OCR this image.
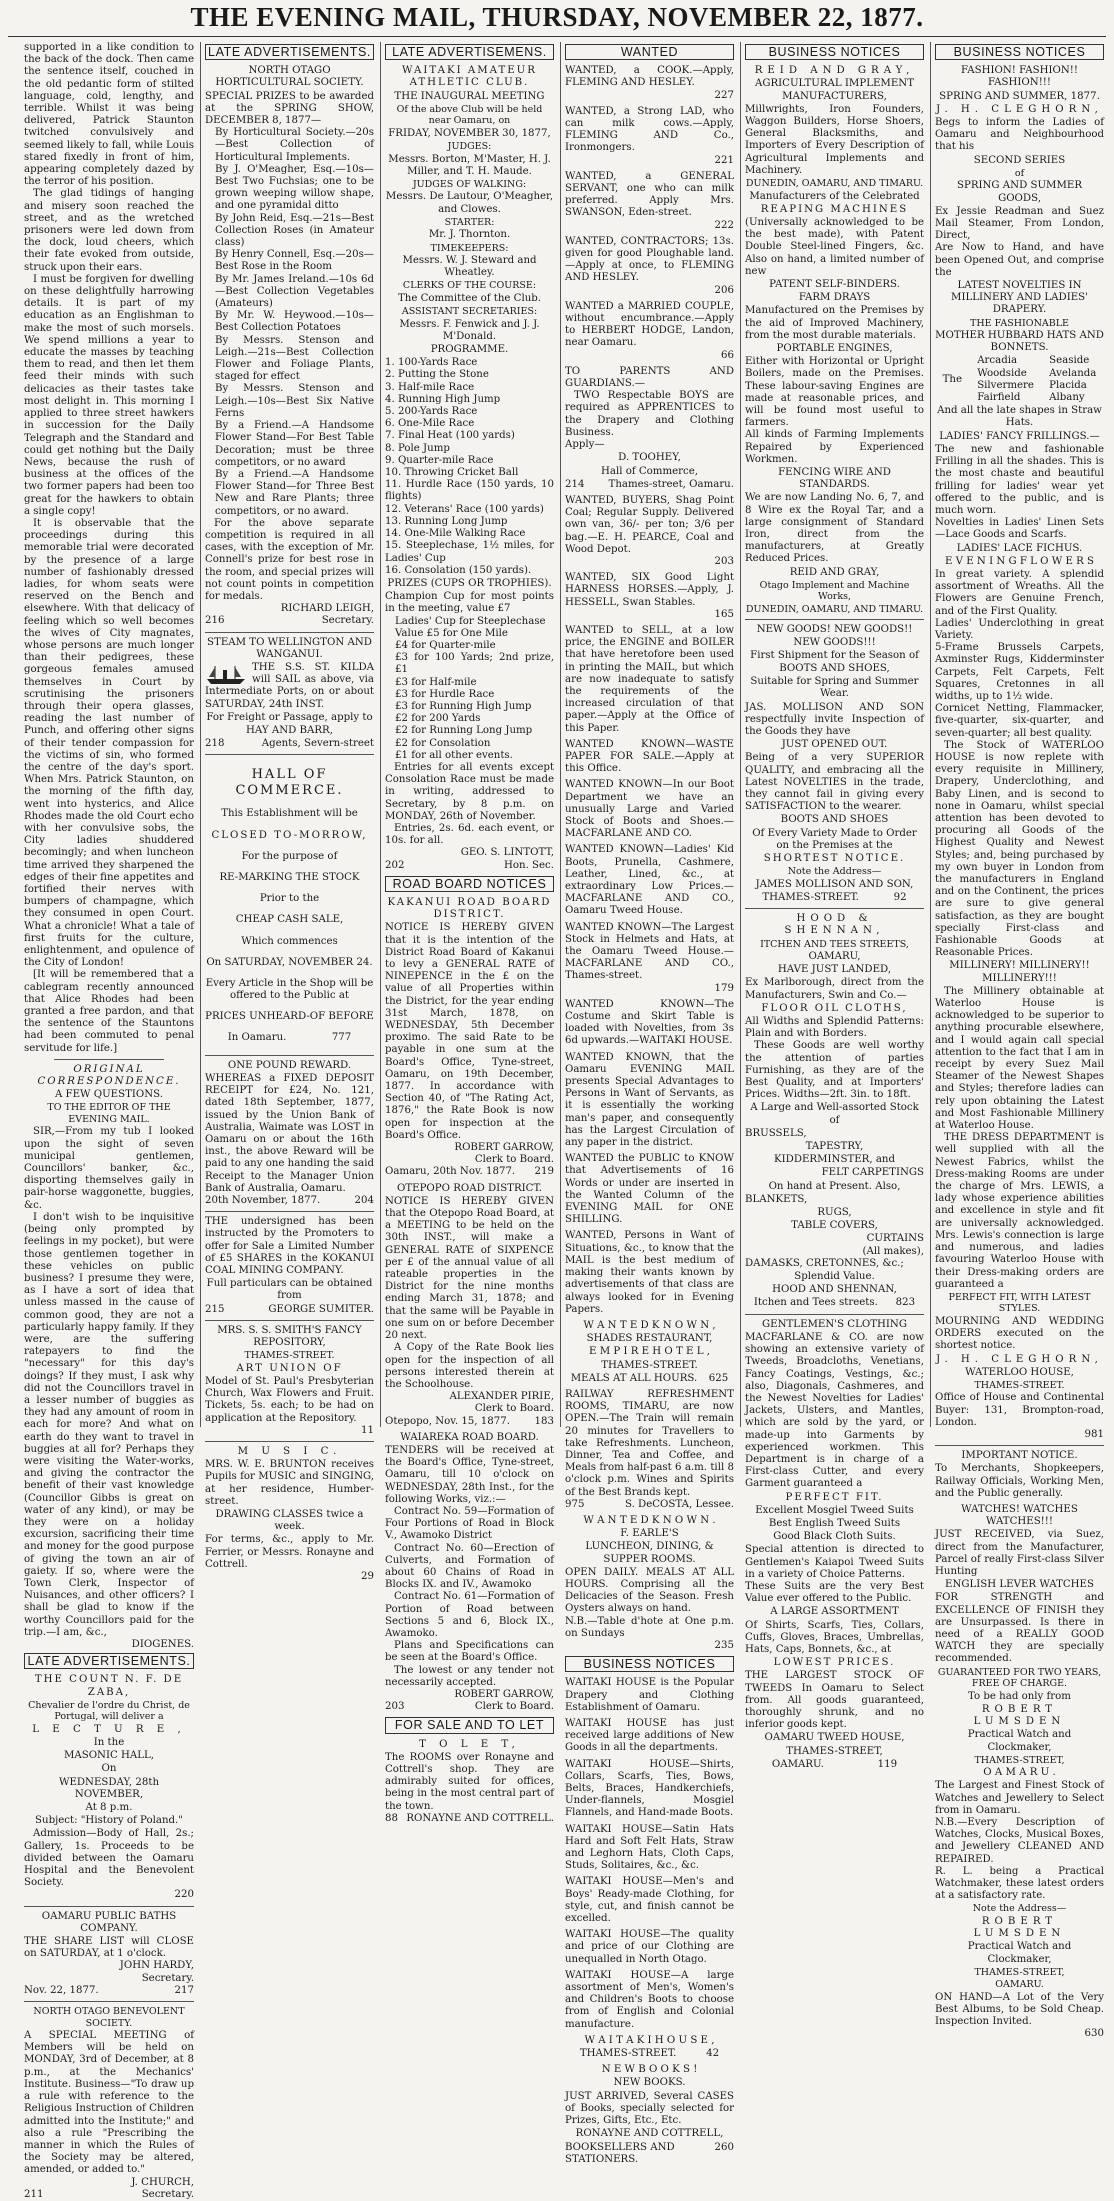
THE EVENING MAIL, THURSDAY, NOVEMBER 22, 1877.

supported in a like condition to the back of the dock. Then came the sentence itself, couched in the old pedantic form of stilted language, cold, lengthy, and terrible. Whilst it was being delivered, Patrick Staunton twitched convulsively and seemed likely to fall, while Louis stared fixedly in front of him, appearing completely dazed by the terror of his position.

The glad tidings of hanging and misery soon reached the street, and as the wretched prisoners were led down from the dock, loud cheers, which their fate evoked from outside, struck upon their ears.

I must be forgiven for dwelling on these delightfully harrowing details. It is part of my education as an Englishman to make the most of such morsels. We spend millions a year to educate the masses by teaching them to read, and then let them feed their minds with such delicacies as their tastes take most delight in. This morning I applied to three street hawkers in succession for the Daily Telegraph and the Standard and could get nothing but the Daily News, because the rush of business at the offices of the two former papers had been too great for the hawkers to obtain a single copy!

It is observable that the proceedings during this memorable trial were decorated by the presence of a large number of fashionably dressed ladies, for whom seats were reserved on the Bench and elsewhere. With that delicacy of feeling which so well becomes the wives of City magnates, whose persons are much longer than their pedigrees, these gorgeous females amused themselves in Court by scrutinising the prisoners through their opera glasses, reading the last number of Punch, and offering other signs of their tender compassion for the victims of sin, who formed the centre of the day's sport. When Mrs. Patrick Staunton, on the morning of the fifth day, went into hysterics, and Alice Rhodes made the old Court echo with her convulsive sobs, the City ladies shuddered becomingly; and when luncheon time arrived they sharpened the edges of their fine appetites and fortified their nerves with bumpers of champagne, which they consumed in open Court. What a chronicle! What a tale of first fruits for the culture, enlightenment, and opulence of the City of London!

[It will be remembered that a cablegram recently announced that Alice Rhodes had been granted a free pardon, and that the sentence of the Stauntons had been commuted to penal servitude for life.]

ORIGINAL CORRESPONDENCE.
A FEW QUESTIONS.
TO THE EDITOR OF THE EVENING MAIL.

SIR,—From my tub I looked upon the sight of seven municipal gentlemen, Councillors' banker, &c., disporting themselves gaily in pair-horse waggonette, buggies, &c.

I don't wish to be inquisitive (being only prompted by feelings in my pocket), but were those gentlemen together in these vehicles on public business? I presume they were, as I have a sort of idea that unless massed in the cause of common good, they are not a particularly happy family. If they were, are the suffering ratepayers to find the "necessary" for this day's doings? If they must, I ask why did not the Councillors travel in a lesser number of buggies as they had any amount of room in each for more? And what on earth do they want to travel in buggies at all for? Perhaps they were visiting the Water-works, and giving the contractor the benefit of their vast knowledge (Councillor Gibbs is great on water of any kind), or may be they were on a holiday excursion, sacrificing their time and money for the good purpose of giving the town an air of gaiety. If so, where were the Town Clerk, Inspector of Nuisances, and other officers? I shall be glad to know if the worthy Councillors paid for the trip.—I am, &c.,

DIOGENES.
LATE ADVERTISEMENTS.
THE COUNT N. F. DE ZABA,
Chevalier de l'ordre du Christ, de Portugal, will deliver a
L E C T U R E ,
In the
MASONIC HALL,
On
WEDNESDAY, 28th NOVEMBER,
At 8 p.m.
Subject: "History of Poland."

Admission—Body of Hall, 2s.; Gallery, 1s. Proceeds to be divided between the Oamaru Hospital and the Benevolent Society.

220
OAMARU PUBLIC BATHS COMPANY.

THE SHARE LIST will CLOSE on SATURDAY, at 1 o'clock.

JOHN HARDY,
Secretary.
Nov. 22, 1877.	217
NORTH OTAGO BENEVOLENT SOCIETY.

A SPECIAL MEETING of Members will be held on MONDAY, 3rd of December, at 8 p.m., at the Mechanics' Institute. Business—"To draw up a rule with reference to the Religious Instruction of Children admitted into the Institute;" and also a rule "Prescribing the manner in which the Rules of the Society may be altered, amended, or added to."

J. CHURCH,
211	Secretary.
LATE ADVERTISEMENTS.
NORTH OTAGO HORTICULTURAL SOCIETY.

SPECIAL PRIZES to be awarded at the SPRING SHOW, DECEMBER 8, 1877—

By Horticultural Society.—20s—Best Collection of Horticultural Implements.

By J. O'Meagher, Esq.—10s—Best Two Fuchsias; one to be grown weeping willow shape, and one pyramidal ditto

By John Reid, Esq.—21s—Best Collection Roses (in Amateur class)

By Henry Connell, Esq.—20s—Best Rose in the Room

By Mr. James Ireland.—10s 6d—Best Collection Vegetables (Amateurs)

By Mr. W. Heywood.—10s—Best Collection Potatoes

By Messrs. Stenson and Leigh.—21s—Best Collection Flower and Foliage Plants, staged for effect

By Messrs. Stenson and Leigh.—10s—Best Six Native Ferns

By a Friend.—A Handsome Flower Stand—For Best Table Decoration; must be three competitors, or no award

By a Friend.—A Handsome Flower Stand—for Three Best New and Rare Plants; three competitors, or no award.

For the above separate competition is required in all cases, with the exception of Mr. Connell's prize for best rose in the room, and special prizes will not count points in competition for medals.

RICHARD LEIGH,
216	Secretary.
STEAM TO WELLINGTON AND WANGANUI.

THE S.S. ST. KILDA will SAIL as above, via Intermediate Ports, on or about SATURDAY, 24th INST.

For Freight or Passage, apply to
HAY AND BARR,
218	Agents, Severn-street
HALL OF COMMERCE.
This Establishment will be
CLOSED TO-MORROW,
For the purpose of
RE-MARKING THE STOCK
Prior to the
CHEAP CASH SALE,
Which commences
On SATURDAY, NOVEMBER 24.
Every Article in the Shop will be offered to the Public at
PRICES UNHEARD-OF BEFORE
In Oamaru.	777
ONE POUND REWARD.

WHEREAS a FIXED DEPOSIT RECEIPT for £24, No. 121, dated 18th September, 1877, issued by the Union Bank of Australia, Waimate was LOST in Oamaru on or about the 16th inst., the above Reward will be paid to any one handing the said Receipt to the Manager Union Bank of Australia, Oamaru.

20th November, 1877.	204

THE undersigned has been instructed by the Promoters to offer for Sale a Limited Number of £5 SHARES in the KOKANUI COAL MINING COMPANY.

Full particulars can be obtained from
215	GEORGE SUMITER.
MRS. S. S. SMITH'S FANCY REPOSITORY,
THAMES-STREET.
ART UNION OF

Model of St. Paul's Presbyterian Church, Wax Flowers and Fruit. Tickets, 5s. each; to be had on application at the Repository.

11
M U S I C.

MRS. W. E. BRUNTON receives Pupils for MUSIC and SINGING, at her residence, Humber-street.

DRAWING CLASSES twice a week.

For terms, &c., apply to Mr. Ferrier, or Messrs. Ronayne and Cottrell.

29
LATE ADVERTISEMENS.
WAITAKI AMATEUR ATHLETIC CLUB.
THE INAUGURAL MEETING
Of the above Club will be held near Oamaru, on
FRIDAY, NOVEMBER 30, 1877,
JUDGES:
Messrs. Borton, M'Master, H. J. Miller, and T. H. Maude.
JUDGES OF WALKING:
Messrs. De Lautour, O'Meagher, and Clowes.
STARTER:
Mr. J. Thornton.
TIMEKEEPERS:
Messrs. W. J. Steward and Wheatley.
CLERKS OF THE COURSE:
The Committee of the Club.
ASSISTANT SECRETARIES:
Messrs. F. Fenwick and J. J. M'Donald.
PROGRAMME.
1. 100-Yards Race
2. Putting the Stone
3. Half-mile Race
4. Running High Jump
5. 200-Yards Race
6. One-Mile Race
7. Final Heat (100 yards)
8. Pole Jump
9. Quarter-mile Race
10. Throwing Cricket Ball
11. Hurdle Race (150 yards, 10 flights)
12. Veterans' Race (100 yards)
13. Running Long Jump
14. One-Mile Walking Race
15. Steeplechase, 1½ miles, for Ladies' Cup
16. Consolation (150 yards).
PRIZES (CUPS OR TROPHIES).

Champion Cup for most points in the meeting, value £7

Ladies' Cup for Steeplechase
Value £5 for One Mile
£4 for Quarter-mile
£3 for 100 Yards; 2nd prize, £1
£3 for Half-mile
£3 for Hurdle Race
£3 for Running High Jump
£2 for 200 Yards
£2 for Running Long Jump
£2 for Consolation
£1 for all other events.

Entries for all events except Consolation Race must be made in writing, addressed to Secretary, by 8 p.m. on MONDAY, 26th of November.

Entries, 2s. 6d. each event, or 10s. for all.

GEO. S. LINTOTT,
202	Hon. Sec.
ROAD BOARD NOTICES
KAKANUI ROAD BOARD DISTRICT.

NOTICE IS HEREBY GIVEN that it is the intention of the District Road Board of Kakanui to levy a GENERAL RATE of NINEPENCE in the £ on the value of all Properties within the District, for the year ending 31st March, 1878, on WEDNESDAY, 5th December proximo. The said Rate to be payable in one sum at the Board's Office, Tyne-street, Oamaru, on 19th December, 1877. In accordance with Section 40, of "The Rating Act, 1876," the Rate Book is now open for inspection at the Board's Office.

ROBERT GARROW,
Clerk to Board.
Oamaru, 20th Nov. 1877. 219
OTEPOPO ROAD DISTRICT.

NOTICE IS HEREBY GIVEN that the Otepopo Road Board, at a MEETING to be held on the 30th INST., will make a GENERAL RATE of SIXPENCE per £ of the annual value of all rateable properties in the District for the nine months ending March 31, 1878; and that the same will be Payable in one sum on or before December 20 next.

A Copy of the Rate Book lies open for the inspection of all persons interested therein at the Schoolhouse.

ALEXANDER PIRIE,
Clerk to Board.
Otepopo, Nov. 15, 1877. 183
WAIAREKA ROAD BOARD.

TENDERS will be received at the Board's Office, Tyne-street, Oamaru, till 10 o'clock on WEDNESDAY, 28th Inst., for the following Works, viz.:—

Contract No. 59—Formation of Four Portions of Road in Block V., Awamoko District

Contract No. 60—Erection of Culverts, and Formation of about 60 Chains of Road in Blocks IX. and IV., Awamoko

Contract No. 61—Formation of Portion of Road between Sections 5 and 6, Block IX., Awamoko.

Plans and Specifications can be seen at the Board's Office.

The lowest or any tender not necessarily accepted.

ROBERT GARROW,
203	Clerk to Board.
FOR SALE AND TO LET
T O L E T,

The ROOMS over Ronayne and Cottrell's shop. They are admirably suited for offices, being in the most central part of the town.

88 RONAYNE AND COTTRELL.
WANTED

WANTED, a COOK.—Apply, FLEMING AND HESLEY.

227

WANTED, a Strong LAD, who can milk cows.—Apply, FLEMING AND Co., Ironmongers.

221

WANTED, a GENERAL SERVANT, one who can milk preferred. Apply Mrs. SWANSON, Eden-street.

222

WANTED, CONTRACTORS; 13s. given for good Ploughable land.—Apply at once, to FLEMING AND HESLEY.

206

WANTED a MARRIED COUPLE, without encumbrance.—Apply to HERBERT HODGE, Landon, near Oamaru.

66
TO PARENTS AND GUARDIANS.—

TWO Respectable BOYS are required as APPRENTICES to the Drapery and Clothing Business.

Apply—
D. TOOHEY,
Hall of Commerce,
214 Thames-street, Oamaru.

WANTED, BUYERS, Shag Point Coal; Regular Supply. Delivered own van, 36/- per ton; 3/6 per bag.—E. H. PEARCE, Coal and Wood Depot.

203

WANTED, SIX Good Light HARNESS HORSES.—Apply, J. HESSELL, Swan Stables.

165

WANTED to SELL, at a low price, the ENGINE and BOILER that have heretofore been used in printing the MAIL, but which are now inadequate to satisfy the requirements of the increased circulation of that paper.—Apply at the Office of this Paper.

WANTED KNOWN—WASTE PAPER FOR SALE.—Apply at this Office.

WANTED KNOWN—In our Boot Department we have an unusually Large and Varied Stock of Boots and Shoes.—MACFARLANE AND CO.

WANTED KNOWN—Ladies' Kid Boots, Prunella, Cashmere, Leather, Lined, &c., at extraordinary Low Prices.—MACFARLANE AND CO., Oamaru Tweed House.

WANTED KNOWN—The Largest Stock in Helmets and Hats, at the Oamaru Tweed House.—MACFARLANE AND CO., Thames-street.

179

WANTED KNOWN—The Costume and Skirt Table is loaded with Novelties, from 3s 6d upwards.—WAITAKI HOUSE.

WANTED KNOWN, that the Oamaru EVENING MAIL presents Special Advantages to Persons in Want of Servants, as it is essentially the working man's paper, and consequently has the Largest Circulation of any paper in the district.

WANTED the PUBLIC to KNOW that Advertisements of 16 Words or under are inserted in the Wanted Column of the EVENING MAIL for ONE SHILLING.

WANTED, Persons in Want of Situations, &c., to know that the MAIL is the best medium of making their wants known by advertisements of that class are always looked for in Evening Papers.

W A N T E D K N O W N ,
SHADES RESTAURANT,
E M P I R E H O T E L ,
THAMES-STREET.
MEALS AT ALL HOURS. 625

RAILWAY REFRESHMENT ROOMS, TIMARU, are now OPEN.—The Train will remain 20 minutes for Travellers to take Refreshments. Luncheon, Dinner, Tea and Coffee, and Meals from half-past 6 a.m. till 8 o'clock p.m. Wines and Spirits of the Best Brands kept.

975	S. DeCOSTA, Lessee.
W A N T E D K N O W N .
F. EARLE'S
LUNCHEON, DINING, & SUPPER ROOMS.

OPEN DAILY. MEALS AT ALL HOURS. Comprising all the Delicacies of the Season. Fresh Oysters always on hand.

N.B.—Table d'hote at One p.m. on Sundays

235
BUSINESS NOTICES

WAITAKI HOUSE is the Popular Drapery and Clothing Establishment of Oamaru.

WAITAKI HOUSE has just received large additions of New Goods in all the departments.

WAITAKI HOUSE—Shirts, Collars, Scarfs, Ties, Bows, Belts, Braces, Handkerchiefs, Under-flannels, Mosgiel Flannels, and Hand-made Boots.

WAITAKI HOUSE—Satin Hats Hard and Soft Felt Hats, Straw and Leghorn Hats, Cloth Caps, Studs, Solitaires, &c., &c.

WAITAKI HOUSE—Men's and Boys' Ready-made Clothing, for style, cut, and finish cannot be excelled.

WAITAKI HOUSE—The quality and price of our Clothing are unequalled in North Otago.

WAITAKI HOUSE—A large assortment of Men's, Women's and Children's Boots to choose from of English and Colonial manufacture.

W A I T A K I H O U S E ,
THAMES-STREET.	42
N E W B O O K S !
NEW BOOKS.

JUST ARRIVED, Several CASES of Books, specially selected for Prizes, Gifts, Etc., Etc.

RONAYNE AND COTTRELL,
BOOKSELLERS AND STATIONERS.
260
BUSINESS NOTICES
REID AND GRAY,
AGRICULTURAL IMPLEMENT MANUFACTURERS,

Millwrights, Iron Founders, Waggon Builders, Horse Shoers, General Blacksmiths, and Importers of Every Description of Agricultural Implements and Machinery.

DUNEDIN, OAMARU, AND TIMARU.
Manufacturers of the Celebrated
REAPING MACHINES

(Universally acknowledged to be the best made), with Patent Double Steel-lined Fingers, &c. Also on hand, a limited number of new

PATENT SELF-BINDERS.
FARM DRAYS

Manufactured on the Premises by the aid of Improved Machinery, from the most durable materials.

PORTABLE ENGINES,

Either with Horizontal or Upright Boilers, made on the Premises. These labour-saving Engines are made at reasonable prices, and will be found most useful to farmers.

All kinds of Farming Implements Repaired by Experienced Workmen.

FENCING WIRE AND STANDARDS.

We are now Landing No. 6, 7, and 8 Wire ex the Royal Tar, and a large consignment of Standard Iron, direct from the manufacturers, at Greatly Reduced Prices.

REID AND GRAY,
Otago Implement and Machine Works,
DUNEDIN, OAMARU, AND TIMARU.
NEW GOODS! NEW GOODS!! NEW GOODS!!!
First Shipment for the Season of
BOOTS AND SHOES,
Suitable for Spring and Summer Wear.

JAS. MOLLISON AND SON respectfully invite Inspection of the Goods they have

JUST OPENED OUT.

Being of a very SUPERIOR QUALITY, and embracing all the Latest NOVELTIES in the trade, they cannot fail in giving every SATISFACTION to the wearer.

BOOTS AND SHOES
Of Every Variety Made to Order on the Premises at the
SHORTEST NOTICE.
Note the Address—
JAMES MOLLISON AND SON,
THAMES-STREET.	92
HOOD & SHENNAN,
ITCHEN AND TEES STREETS,
OAMARU,
HAVE JUST LANDED,

Ex Marlborough, direct from the Manufacturers, Swin and Co.—

FLOOR OIL CLOTHS,

All Widths and Splendid Patterns: Plain and with Borders.

These Goods are well worthy the attention of parties Furnishing, as they are of the Best Quality, and at Importers' Prices. Widths—2ft. 3in. to 18ft.

A Large and Well-assorted Stock of
BRUSSELS,
TAPESTRY,
KIDDERMINSTER, and
FELT CARPETINGS
On hand at Present. Also,
BLANKETS,
RUGS,
TABLE COVERS,
CURTAINS
(All makes),
DAMASKS, CRETONNES, &c.;
Splendid Value.
HOOD AND SHENNAN,
Itchen and Tees streets. 823
GENTLEMEN'S CLOTHING

MACFARLANE & CO. are now showing an extensive variety of Tweeds, Broadcloths, Venetians, Fancy Coatings, Vestings, &c.; also, Diagonals, Cashmeres, and the Newest Novelties for Ladies' Jackets, Ulsters, and Mantles, which are sold by the yard, or made-up into Garments by experienced workmen. This Department is in charge of a First-class Cutter, and every Garment guaranteed a

PERFECT FIT.
Excellent Mosgiel Tweed Suits
Best English Tweed Suits
Good Black Cloth Suits.

Special attention is directed to Gentlemen's Kaiapoi Tweed Suits in a variety of Choice Patterns.

These Suits are the very Best Value ever offered to the Public.

A LARGE ASSORTMENT

Of Shirts, Scarfs, Ties, Collars, Cuffs, Gloves, Braces, Umbrellas, Hats, Caps, Bonnets, &c., at

LOWEST PRICES.

THE LARGEST STOCK OF TWEEDS In Oamaru to Select from. All goods guaranteed, thoroughly shrunk, and no inferior goods kept.

OAMARU TWEED HOUSE,
THAMES-STREET,
OAMARU.	119
BUSINESS NOTICES
FASHION! FASHION!! FASHION!!!
SPRING AND SUMMER, 1877.
J. H. CLEGHORN,

Begs to inform the Ladies of Oamaru and Neighbourhood that his

SECOND SERIES
of
SPRING AND SUMMER GOODS,

Ex Jessie Readman and Suez Mail Steamer, From London, Direct,

Are Now to Hand, and have been Opened Out, and comprise the

LATEST NOVELTIES IN MILLINERY AND LADIES' DRAPERY.
THE FASHIONABLE
MOTHER HUBBARD HATS AND BONNETS.
The
Arcadia
Woodside
Silvermere
Fairfield
Seaside
Avelanda
Placida
Albany
And all the late shapes in Straw Hats.
LADIES' FANCY FRILLINGS.—

The new and fashionable Frilling in all the shades. This is the most chaste and beautiful frilling for ladies' wear yet offered to the public, and is much worn.

Novelties in Ladies' Linen Sets—Lace Goods and Scarfs.

LADIES' LACE FICHUS.
E V E N I N G F L O W E R S

In great variety. A splendid assortment of Wreaths. All the Flowers are Genuine French, and of the First Quality.

Ladies' Underclothing in great Variety.

5-Frame Brussels Carpets, Axminster Rugs, Kidderminster Carpets, Felt Carpets, Felt Squares, Cretonnes in all widths, up to 1½ wide.

Cornicet Netting, Flammacker, five-quarter, six-quarter, and seven-quarter; all best quality.

The Stock of WATERLOO HOUSE is now replete with every requisite in Millinery, Drapery, Underclothing, and Baby Linen, and is second to none in Oamaru, whilst special attention has been devoted to procuring all Goods of the Highest Quality and Newest Styles; and, being purchased by my own buyer in London from the manufacturers in England and on the Continent, the prices are sure to give general satisfaction, as they are bought specially First-class and Fashionable Goods at Reasonable Prices.

MILLINERY! MILLINERY!! MILLINERY!!!

The Millinery obtainable at Waterloo House is acknowledged to be superior to anything procurable elsewhere, and I would again call special attention to the fact that I am in receipt by every Suez Mail Steamer of the Newest Shapes and Styles; therefore ladies can rely upon obtaining the Latest and Most Fashionable Millinery at Waterloo House.

THE DRESS DEPARTMENT is well supplied with all the Newest Fabrics, whilst the Dress-making Rooms are under the charge of Mrs. LEWIS, a lady whose experience abilities and excellence in style and fit are universally acknowledged. Mrs. Lewis's connection is large and numerous, and ladies favouring Waterloo House with their Dress-making orders are guaranteed a

PERFECT FIT, WITH LATEST STYLES.

MOURNING AND WEDDING ORDERS executed on the shortest notice.

J. H. CLEGHORN,
WATERLOO HOUSE,
THAMES-STREET.

Office of House and Continental Buyer: 131, Brompton-road, London.

981
IMPORTANT NOTICE.

To Merchants, Shopkeepers, Railway Officials, Working Men, and the Public generally.

WATCHES! WATCHES WATCHES!!!

JUST RECEIVED, via Suez, direct from the Manufacturer, Parcel of really First-class Silver Hunting

ENGLISH LEVER WATCHES

FOR STRENGTH and EXCELLENCE OF FINISH they are Unsurpassed. Is there in need of a REALLY GOOD WATCH they are specially recommended.

GUARANTEED FOR TWO YEARS, FREE OF CHARGE.
To be had only from
ROBERT LUMSDEN
Practical Watch and Clockmaker,
THAMES-STREET,
O A M A R U .

The Largest and Finest Stock of Watches and Jewellery to Select from in Oamaru.

N.B.—Every Description of Watches, Clocks, Musical Boxes, and Jewellery CLEANED AND REPAIRED.

R. L. being a Practical Watchmaker, these latest orders at a satisfactory rate.

Note the Address—
ROBERT LUMSDEN
Practical Watch and Clockmaker,
THAMES-STREET,
OAMARU.

ON HAND—A Lot of the Very Best Albums, to be Sold Cheap. Inspection Invited.

630
